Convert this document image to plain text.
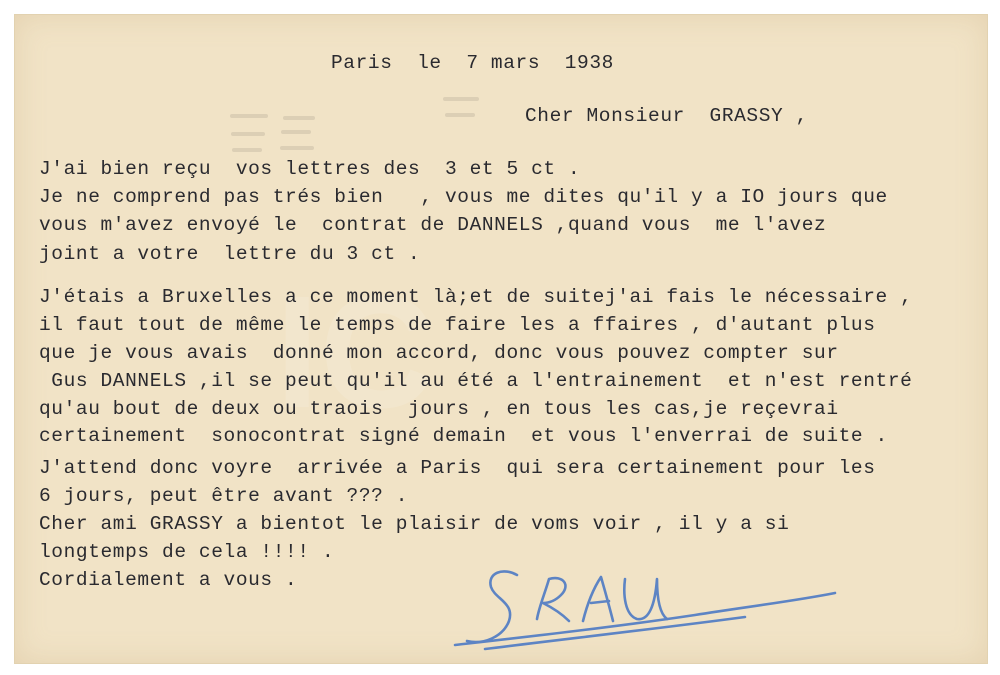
IC
Paris  le  7 mars  1938
Cher Monsieur  GRASSY ,
J'ai bien reçu  vos lettres des  3 et 5 ct .
Je ne comprend pas trés bien   , vous me dites qu'il y a IO jours que
vous m'avez envoyé le  contrat de DANNELS ,quand vous  me l'avez
joint a votre  lettre du 3 ct .
J'étais a Bruxelles a ce moment là;et de suitej'ai fais le nécessaire ,
il faut tout de même le temps de faire les a ffaires , d'autant plus
que je vous avais  donné mon accord, donc vous pouvez compter sur
Gus DANNELS ,il se peut qu'il au été a l'entrainement  et n'est rentré
qu'au bout de deux ou traois  jours , en tous les cas,je reçevrai
certainement  sonocontrat signé demain  et vous l'enverrai de suite .
J'attend donc voyre  arrivée a Paris  qui sera certainement pour les
6 jours, peut être avant ??? .
Cher ami GRASSY a bientot le plaisir de voms voir , il y a si
longtemps de cela !!!! .
Cordialement a vous .
